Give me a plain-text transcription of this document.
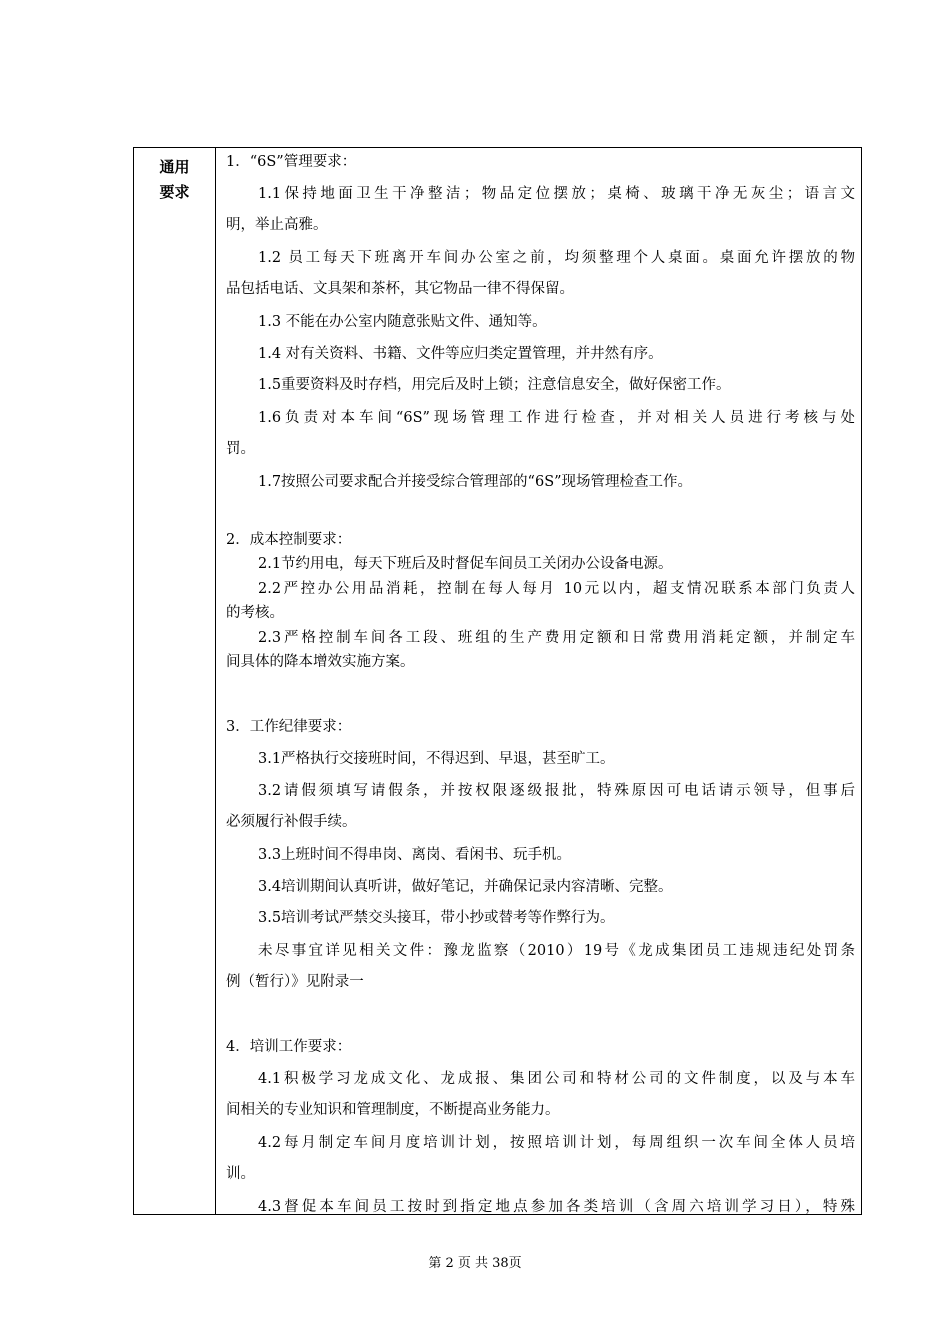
通用
要求
1．“6S”管理要求：
1.1保持地面卫生干净整洁；物品定位摆放；桌椅、玻璃干净无灰尘；语言文
明，举止高雅。
1.2 员工每天下班离开车间办公室之前，均须整理个人桌面。桌面允许摆放的物
品包括电话、文具架和茶杯，其它物品一律不得保留。
1.3 不能在办公室内随意张贴文件、通知等。
1.4 对有关资料、书籍、文件等应归类定置管理，并井然有序。
1.5重要资料及时存档，用完后及时上锁；注意信息安全，做好保密工作。
1.6负责对本车间“6S”现场管理工作进行检查，并对相关人员进行考核与处
罚。
1.7按照公司要求配合并接受综合管理部的“6S”现场管理检查工作。
2．成本控制要求：
2.1节约用电，每天下班后及时督促车间员工关闭办公设备电源。
2.2严控办公用品消耗，控制在每人每月 10元以内，超支情况联系本部门负责人
的考核。
2.3严格控制车间各工段、班组的生产费用定额和日常费用消耗定额，并制定车
间具体的降本增效实施方案。
3．工作纪律要求：
3.1严格执行交接班时间，不得迟到、早退，甚至旷工。
3.2请假须填写请假条，并按权限逐级报批，特殊原因可电话请示领导，但事后
必须履行补假手续。
3.3上班时间不得串岗、离岗、看闲书、玩手机。
3.4培训期间认真听讲，做好笔记，并确保记录内容清晰、完整。
3.5培训考试严禁交头接耳，带小抄或替考等作弊行为。
未尽事宜详见相关文件：豫龙监察（2010）19号《龙成集团员工违规违纪处罚条
例（暂行）》见附录一
4．培训工作要求：
4.1积极学习龙成文化、龙成报、集团公司和特材公司的文件制度，以及与本车
间相关的专业知识和管理制度，不断提高业务能力。
4.2每月制定车间月度培训计划，按照培训计划，每周组织一次车间全体人员培
训。
4.3督促本车间员工按时到指定地点参加各类培训（含周六培训学习日），特殊
第 2 页 共 38页
